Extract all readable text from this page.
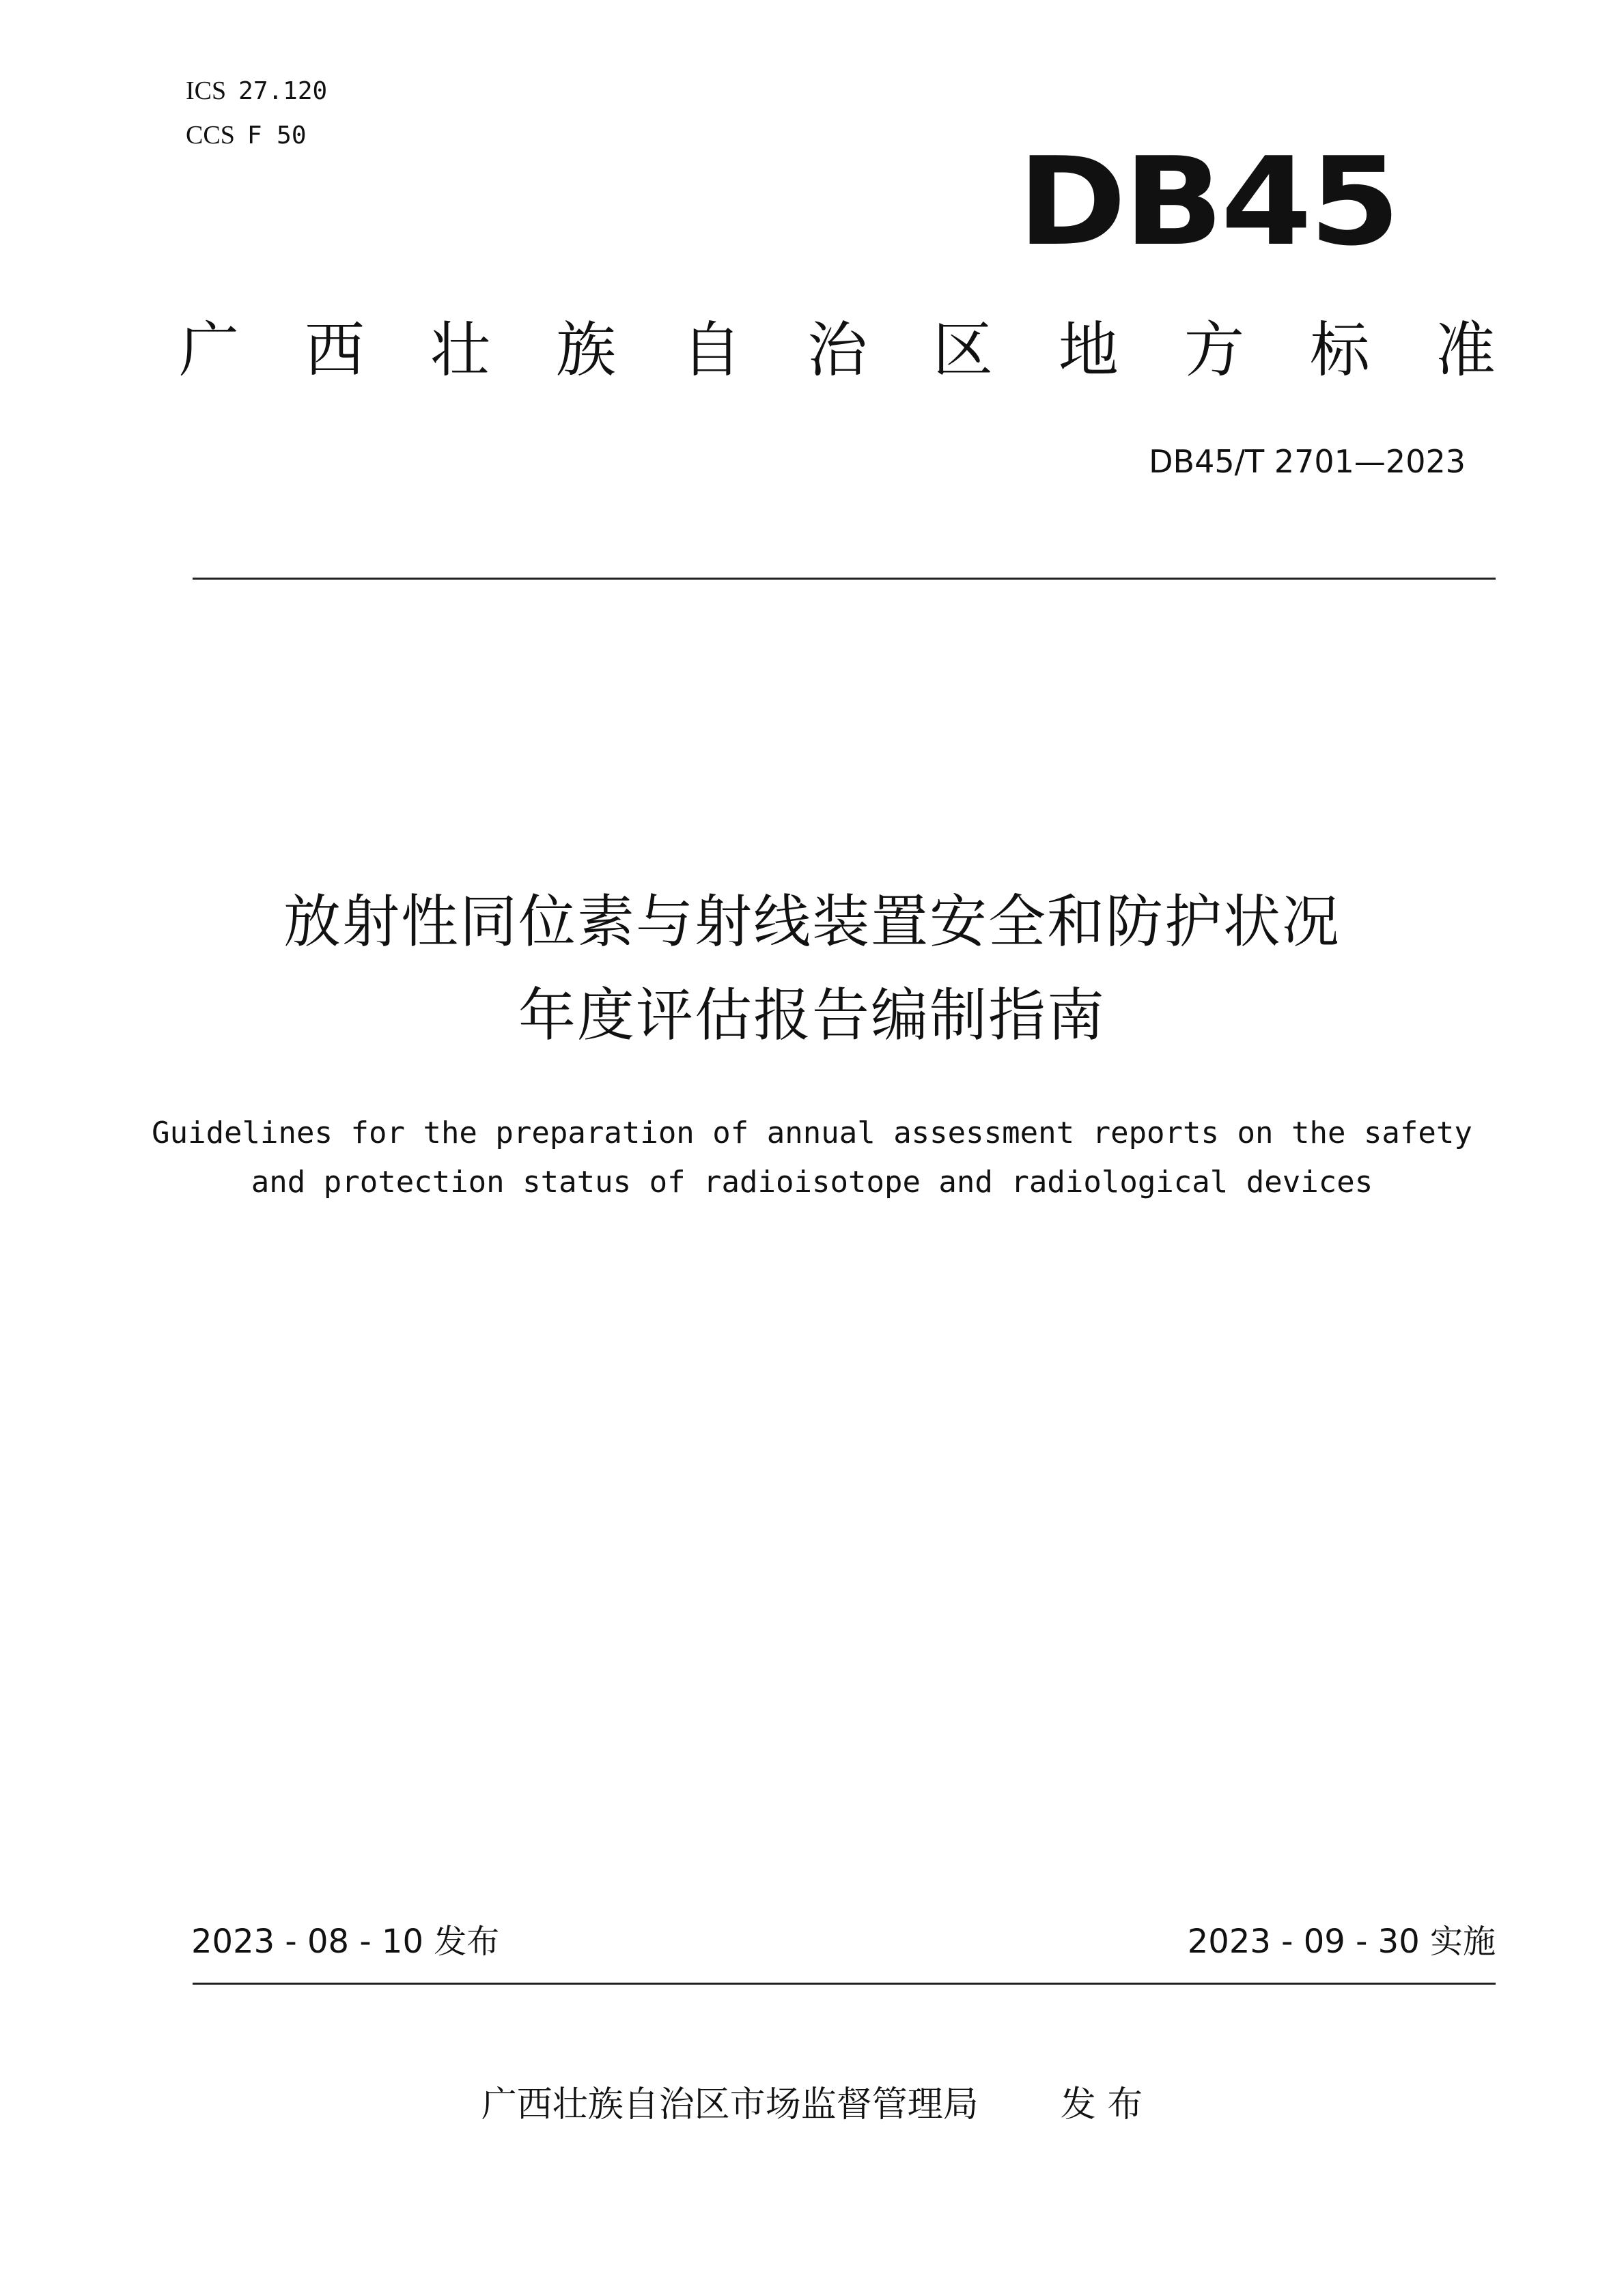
ICS 27.120
CCS F 50	DB45
广 西 壮 族 自 治 区 地 方 标 准
DB45/T 2701—2023
放射性同位素与射线装置安全和防护状况
年度评估报告编制指南
Guidelines for the preparation of annual assessment reports on the safety
and protection status of radioisotope and radiological devices
2023 - 08 - 10 发布	2023 - 09 - 30 实施
广西壮族自治区市场监督管理局 发 布
